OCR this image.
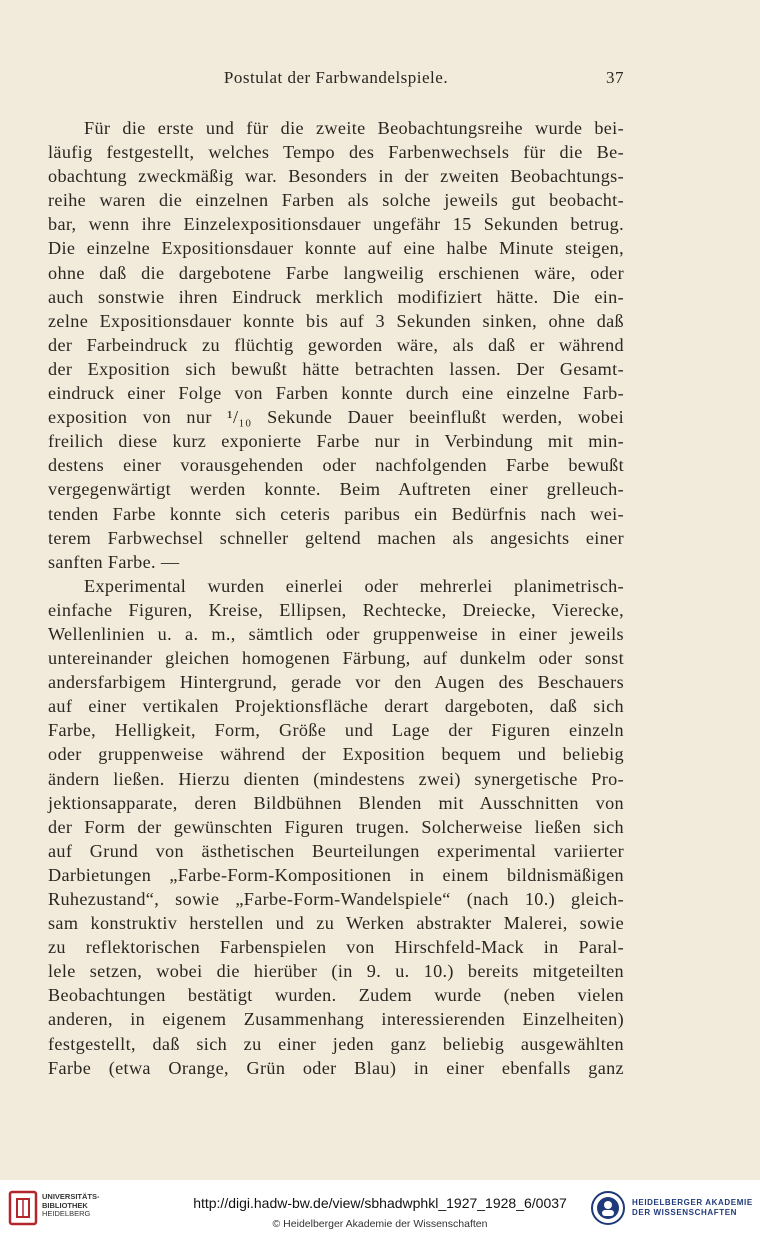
Postulat der Farbwandelspiele.	37
Für die erste und für die zweite Beobachtungsreihe wurde bei-
läufig festgestellt, welches Tempo des Farbenwechsels für die Be-
obachtung zweckmäßig war. Besonders in der zweiten Beobachtungs-
reihe waren die einzelnen Farben als solche jeweils gut beobacht-
bar, wenn ihre Einzelexpositionsdauer ungefähr 15 Sekunden betrug.
Die einzelne Expositionsdauer konnte auf eine halbe Minute steigen,
ohne daß die dargebotene Farbe langweilig erschienen wäre, oder
auch sonstwie ihren Eindruck merklich modifiziert hätte. Die ein-
zelne Expositionsdauer konnte bis auf 3 Sekunden sinken, ohne daß
der Farbeindruck zu flüchtig geworden wäre, als daß er während
der Exposition sich bewußt hätte betrachten lassen. Der Gesamt-
eindruck einer Folge von Farben konnte durch eine einzelne Farb-
exposition von nur ¹/₁₀ Sekunde Dauer beeinflußt werden, wobei
freilich diese kurz exponierte Farbe nur in Verbindung mit min-
destens einer vorausgehenden oder nachfolgenden Farbe bewußt
vergegenwärtigt werden konnte. Beim Auftreten einer grelleuch-
tenden Farbe konnte sich ceteris paribus ein Bedürfnis nach wei-
terem Farbwechsel schneller geltend machen als angesichts einer
sanften Farbe. —
Experimental wurden einerlei oder mehrerlei planimetrisch-
einfache Figuren, Kreise, Ellipsen, Rechtecke, Dreiecke, Vierecke,
Wellenlinien u. a. m., sämtlich oder gruppenweise in einer jeweils
untereinander gleichen homogenen Färbung, auf dunkelm oder sonst
andersfarbigem Hintergrund, gerade vor den Augen des Beschauers
auf einer vertikalen Projektionsfläche derart dargeboten, daß sich
Farbe, Helligkeit, Form, Größe und Lage der Figuren einzeln
oder gruppenweise während der Exposition bequem und beliebig
ändern ließen. Hierzu dienten (mindestens zwei) synergetische Pro-
jektionsapparate, deren Bildbühnen Blenden mit Ausschnitten von
der Form der gewünschten Figuren trugen. Solcherweise ließen sich
auf Grund von ästhetischen Beurteilungen experimental variierter
Darbietungen „Farbe-Form-Kompositionen in einem bildnismäßigen
Ruhezustand“, sowie „Farbe-Form-Wandelspiele“ (nach 10.) gleich-
sam konstruktiv herstellen und zu Werken abstrakter Malerei, sowie
zu reflektorischen Farbenspielen von Hirschfeld-Mack in Paral-
lele setzen, wobei die hierüber (in 9. u. 10.) bereits mitgeteilten
Beobachtungen bestätigt wurden. Zudem wurde (neben vielen
anderen, in eigenem Zusammenhang interessierenden Einzelheiten)
festgestellt, daß sich zu einer jeden ganz beliebig ausgewählten
Farbe (etwa Orange, Grün oder Blau) in einer ebenfalls ganz
UNIVERSITÄTS-
BIBLIOTHEK
HEIDELBERG
http://digi.hadw-bw.de/view/sbhadwphkl_1927_1928_6/0037
© Heidelberger Akademie der Wissenschaften
HEIDELBERGER AKADEMIE
DER WISSENSCHAFTEN
